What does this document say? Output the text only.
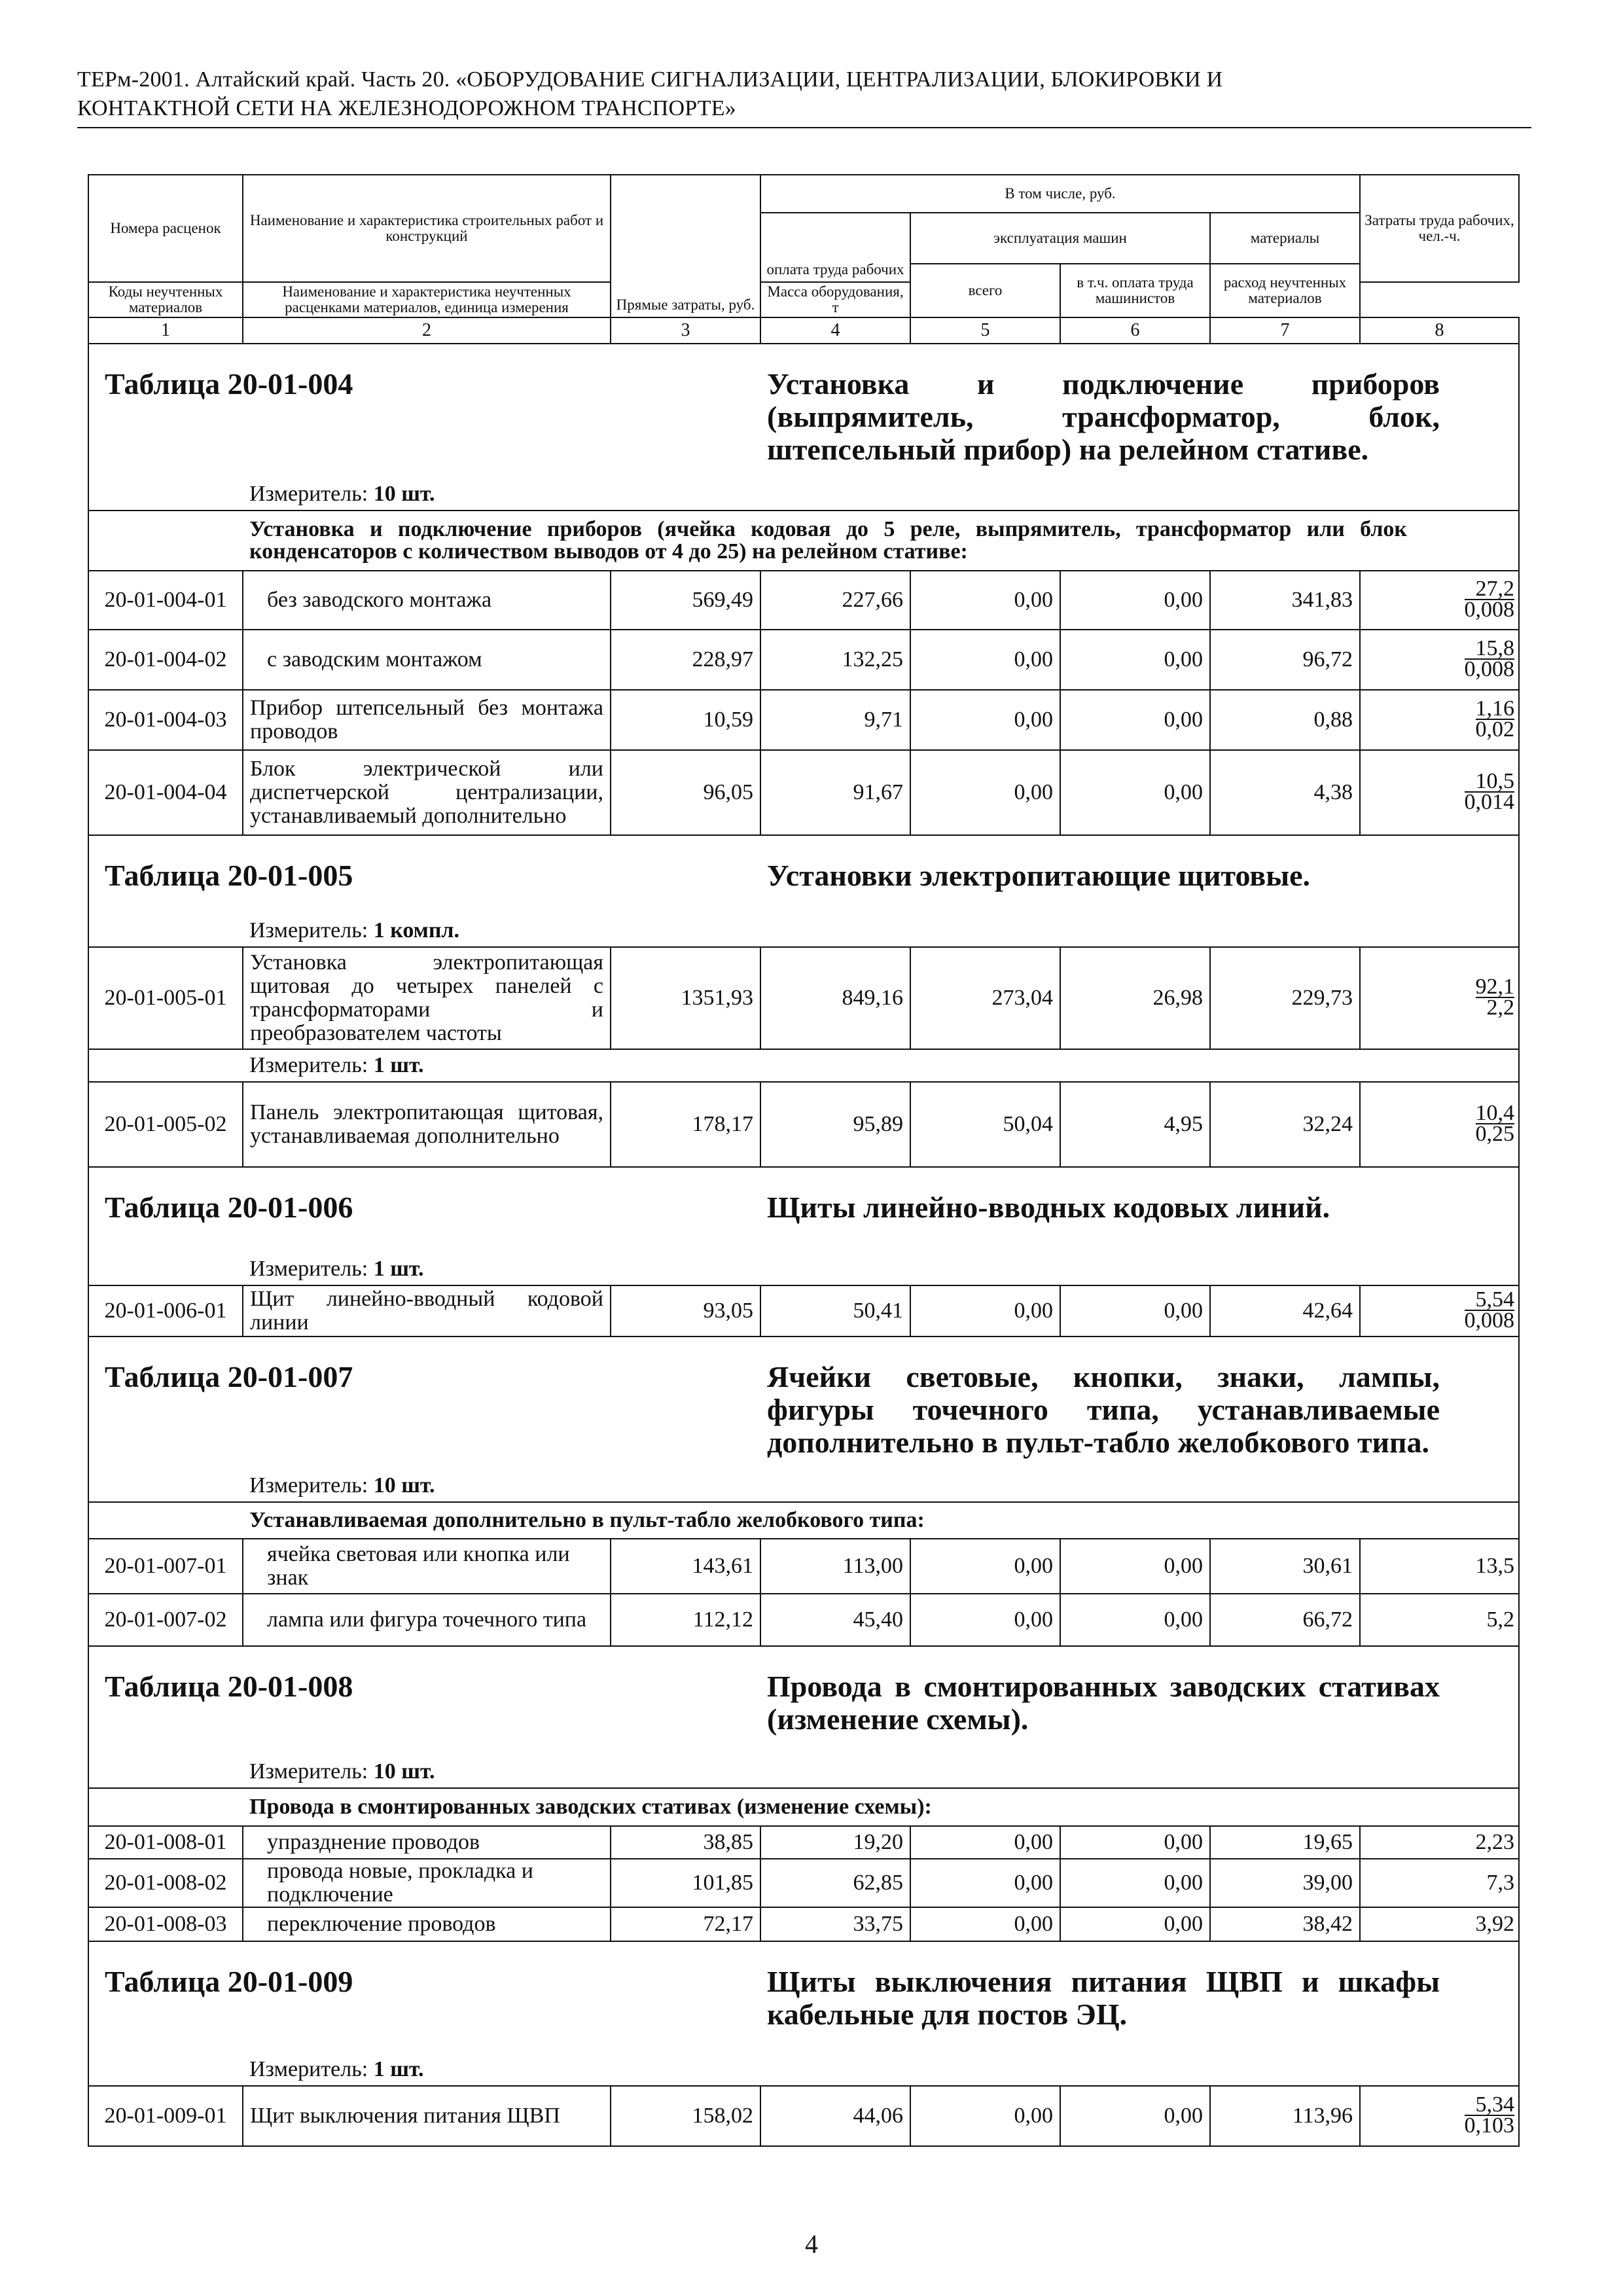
ТЕРм-2001. Алтайский край. Часть 20. «ОБОРУДОВАНИЕ СИГНАЛИЗАЦИИ, ЦЕНТРАЛИЗАЦИИ, БЛОКИРОВКИ И
КОНТАКТНОЙ СЕТИ НА ЖЕЛЕЗНОДОРОЖНОМ ТРАНСПОРТЕ»
Номера расценок	Наименование и характеристика строительных работ и конструкций	Прямые затраты, руб.	В том числе, руб.				Затраты труда рабочих, чел.-ч.
			оплата труда рабочих	эксплуатация машин		материалы	
				всего	в т.ч. оплата труда машинистов	расход неучтенных материалов	
Коды неучтенных материалов	Наименование и характеристика неучтенных расценками материалов, единица измерения		Масса оборудования, т				
1	2	3	4	5	6	7	8
Таблица 20-01-004			Установка и подключение приборов (выпрямитель, трансформатор, блок, штепсельный прибор) на релейном стативе.				
	Измеритель: 10 шт.						
	Установка и подключение приборов (ячейка кодовая до 5 реле, выпрямитель, трансформатор или блок конденсаторов с количеством выводов от 4 до 25) на релейном стативе:						
20-01-004-01	без заводского монтажа	569,49	227,66	0,00	0,00	341,83	$\frac{27,2}{0,008}$

20-01-004-02	с заводским монтажом	228,97	132,25	0,00	0,00	96,72	$\frac{15,8}{0,008}$

20-01-004-03	Прибор штепсельный без монтажа проводов	10,59	9,71	0,00	0,00	0,88	$\frac{1,16}{0,02}$

20-01-004-04	Блок электрической или диспетчерской централизации, устанавливаемый дополнительно	96,05	91,67	0,00	0,00	4,38	$\frac{10,5}{0,014}$

Таблица 20-01-005			Установки электропитающие щитовые.				
	Измеритель: 1 компл.						
20-01-005-01	Установка электропитающая щитовая до четырех панелей с трансформаторами и преобразователем частоты	1351,93	849,16	273,04	26,98	229,73	$\frac{92,1}{2,2}$

	Измеритель: 1 шт.						
20-01-005-02	Панель электропитающая щитовая, устанавливаемая дополнительно	178,17	95,89	50,04	4,95	32,24	$\frac{10,4}{0,25}$

Таблица 20-01-006			Щиты линейно-вводных кодовых линий.				
	Измеритель: 1 шт.						
20-01-006-01	Щит линейно-вводный кодовой линии	93,05	50,41	0,00	0,00	42,64	$\frac{5,54}{0,008}$

Таблица 20-01-007			Ячейки световые, кнопки, знаки, лампы, фигуры точечного типа, устанавливаемые дополнительно в пульт-табло желобкового типа.				
	Измеритель: 10 шт.						
	Устанавливаемая дополнительно в пульт-табло желобкового типа:						
20-01-007-01	ячейка световая или кнопка или знак	143,61	113,00	0,00	0,00	30,61	13,5
20-01-007-02	лампа или фигура точечного типа	112,12	45,40	0,00	0,00	66,72	5,2
Таблица 20-01-008			Провода в смонтированных заводских стативах (изменение схемы).				
	Измеритель: 10 шт.						
	Провода в смонтированных заводских стативах (изменение схемы):						
20-01-008-01	упразднение проводов	38,85	19,20	0,00	0,00	19,65	2,23
20-01-008-02	провода новые, прокладка и подключение	101,85	62,85	0,00	0,00	39,00	7,3
20-01-008-03	переключение проводов	72,17	33,75	0,00	0,00	38,42	3,92
Таблица 20-01-009			Щиты выключения питания ЩВП и шкафы кабельные для постов ЭЦ.				
	Измеритель: 1 шт.						
20-01-009-01	Щит выключения питания ЩВП	158,02	44,06	0,00	0,00	113,96	$\frac{5,34}{0,103}$
4
